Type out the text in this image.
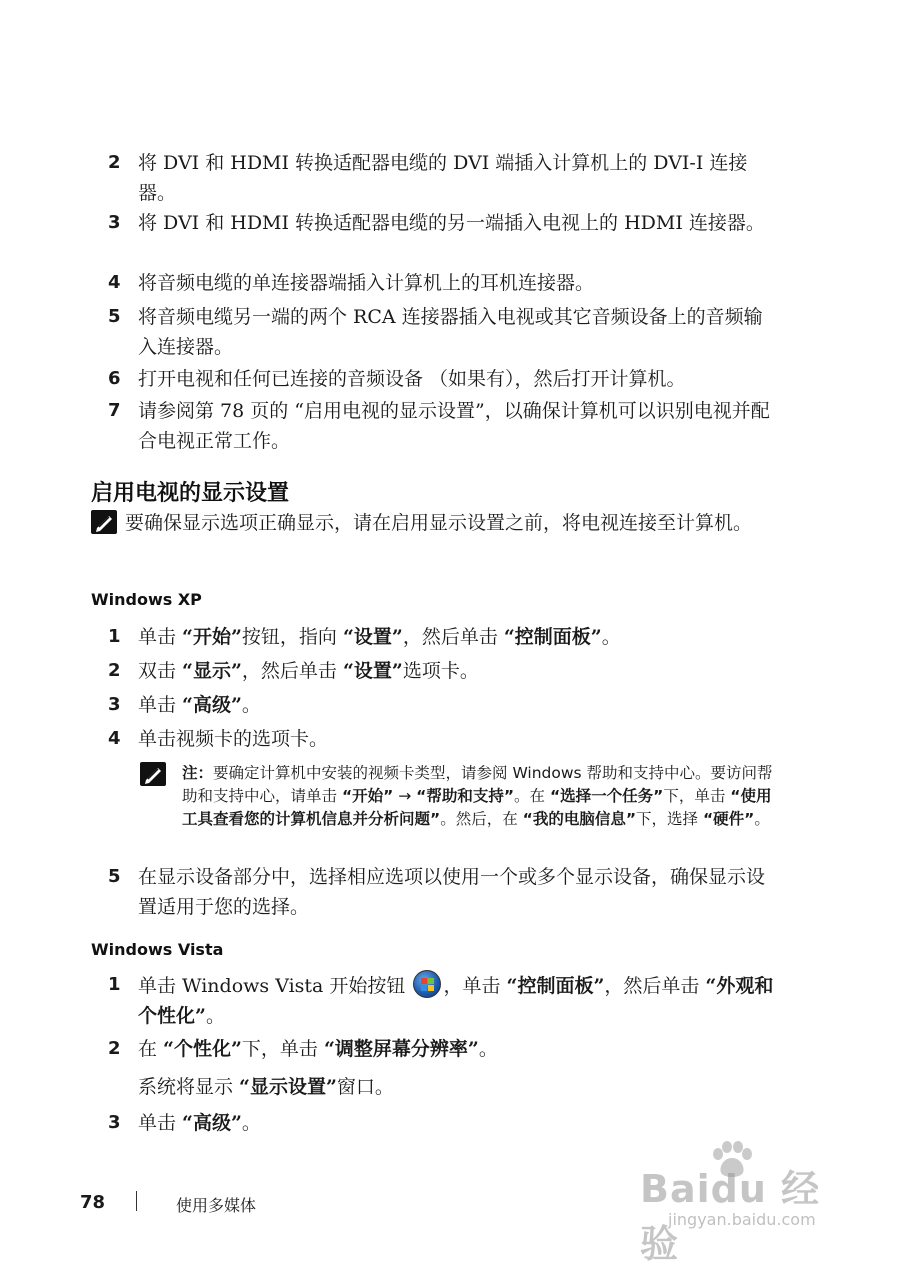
2 将 DVI 和 HDMI 转换适配器电缆的 DVI 端插入计算机上的 DVI-I 连接器。
3 将 DVI 和 HDMI 转换适配器电缆的另一端插入电视上的 HDMI 连接器。
4 将音频电缆的单连接器端插入计算机上的耳机连接器。
5 将音频电缆另一端的两个 RCA 连接器插入电视或其它音频设备上的音频输入连接器。
6 打开电视和任何已连接的音频设备 （如果有），然后打开计算机。
7 请参阅第 78 页的 “启用电视的显示设置”，以确保计算机可以识别电视并配合电视正常工作。
启用电视的显示设置
要确保显示选项正确显示，请在启用显示设置之前，将电视连接至计算机。
Windows XP
1 单击 “开始”按钮，指向 “设置”，然后单击 “控制面板”。
2 双击 “显示”，然后单击 “设置”选项卡。
3 单击 “高级”。
4 单击视频卡的选项卡。
注：要确定计算机中安装的视频卡类型，请参阅 Windows 帮助和支持中心。要访问帮助和支持中心，请单击 “开始” → “帮助和支持”。在 “选择一个任务”下，单击 “使用工具查看您的计算机信息并分析问题”。然后，在 “我的电脑信息”下，选择 “硬件”。
5 在显示设备部分中，选择相应选项以使用一个或多个显示设备，确保显示设置适用于您的选择。
Windows Vista
1 单击 Windows Vista 开始按钮
，单击 “控制面板”，然后单击 “外观和个性化”。
2 在 “个性化”下，单击 “调整屏幕分辨率”。
系统将显示 “显示设置”窗口。
3 单击 “高级”。
78	使用多媒体	Baidu 经验
jingyan.baidu.com
